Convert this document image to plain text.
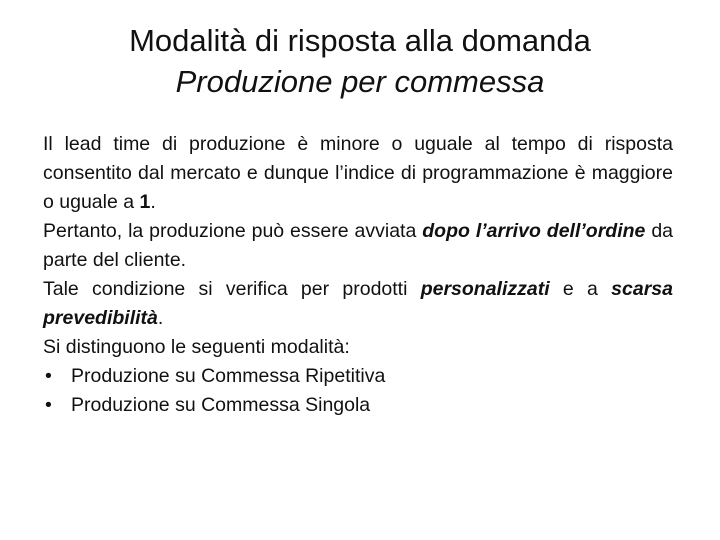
Modalità di risposta alla domanda
Produzione per commessa

Il lead time di produzione è minore o uguale al tempo di risposta consentito dal mercato e dunque l’indice di programmazione è maggiore o uguale a 1.

Pertanto, la produzione può essere avviata dopo l’arrivo dell’ordine da parte del cliente.

Tale condizione si verifica per prodotti personalizzati e a scarsa prevedibilità.

Si distinguono le seguenti modalità:

• Produzione su Commessa Ripetitiva
• Produzione su Commessa Singola
